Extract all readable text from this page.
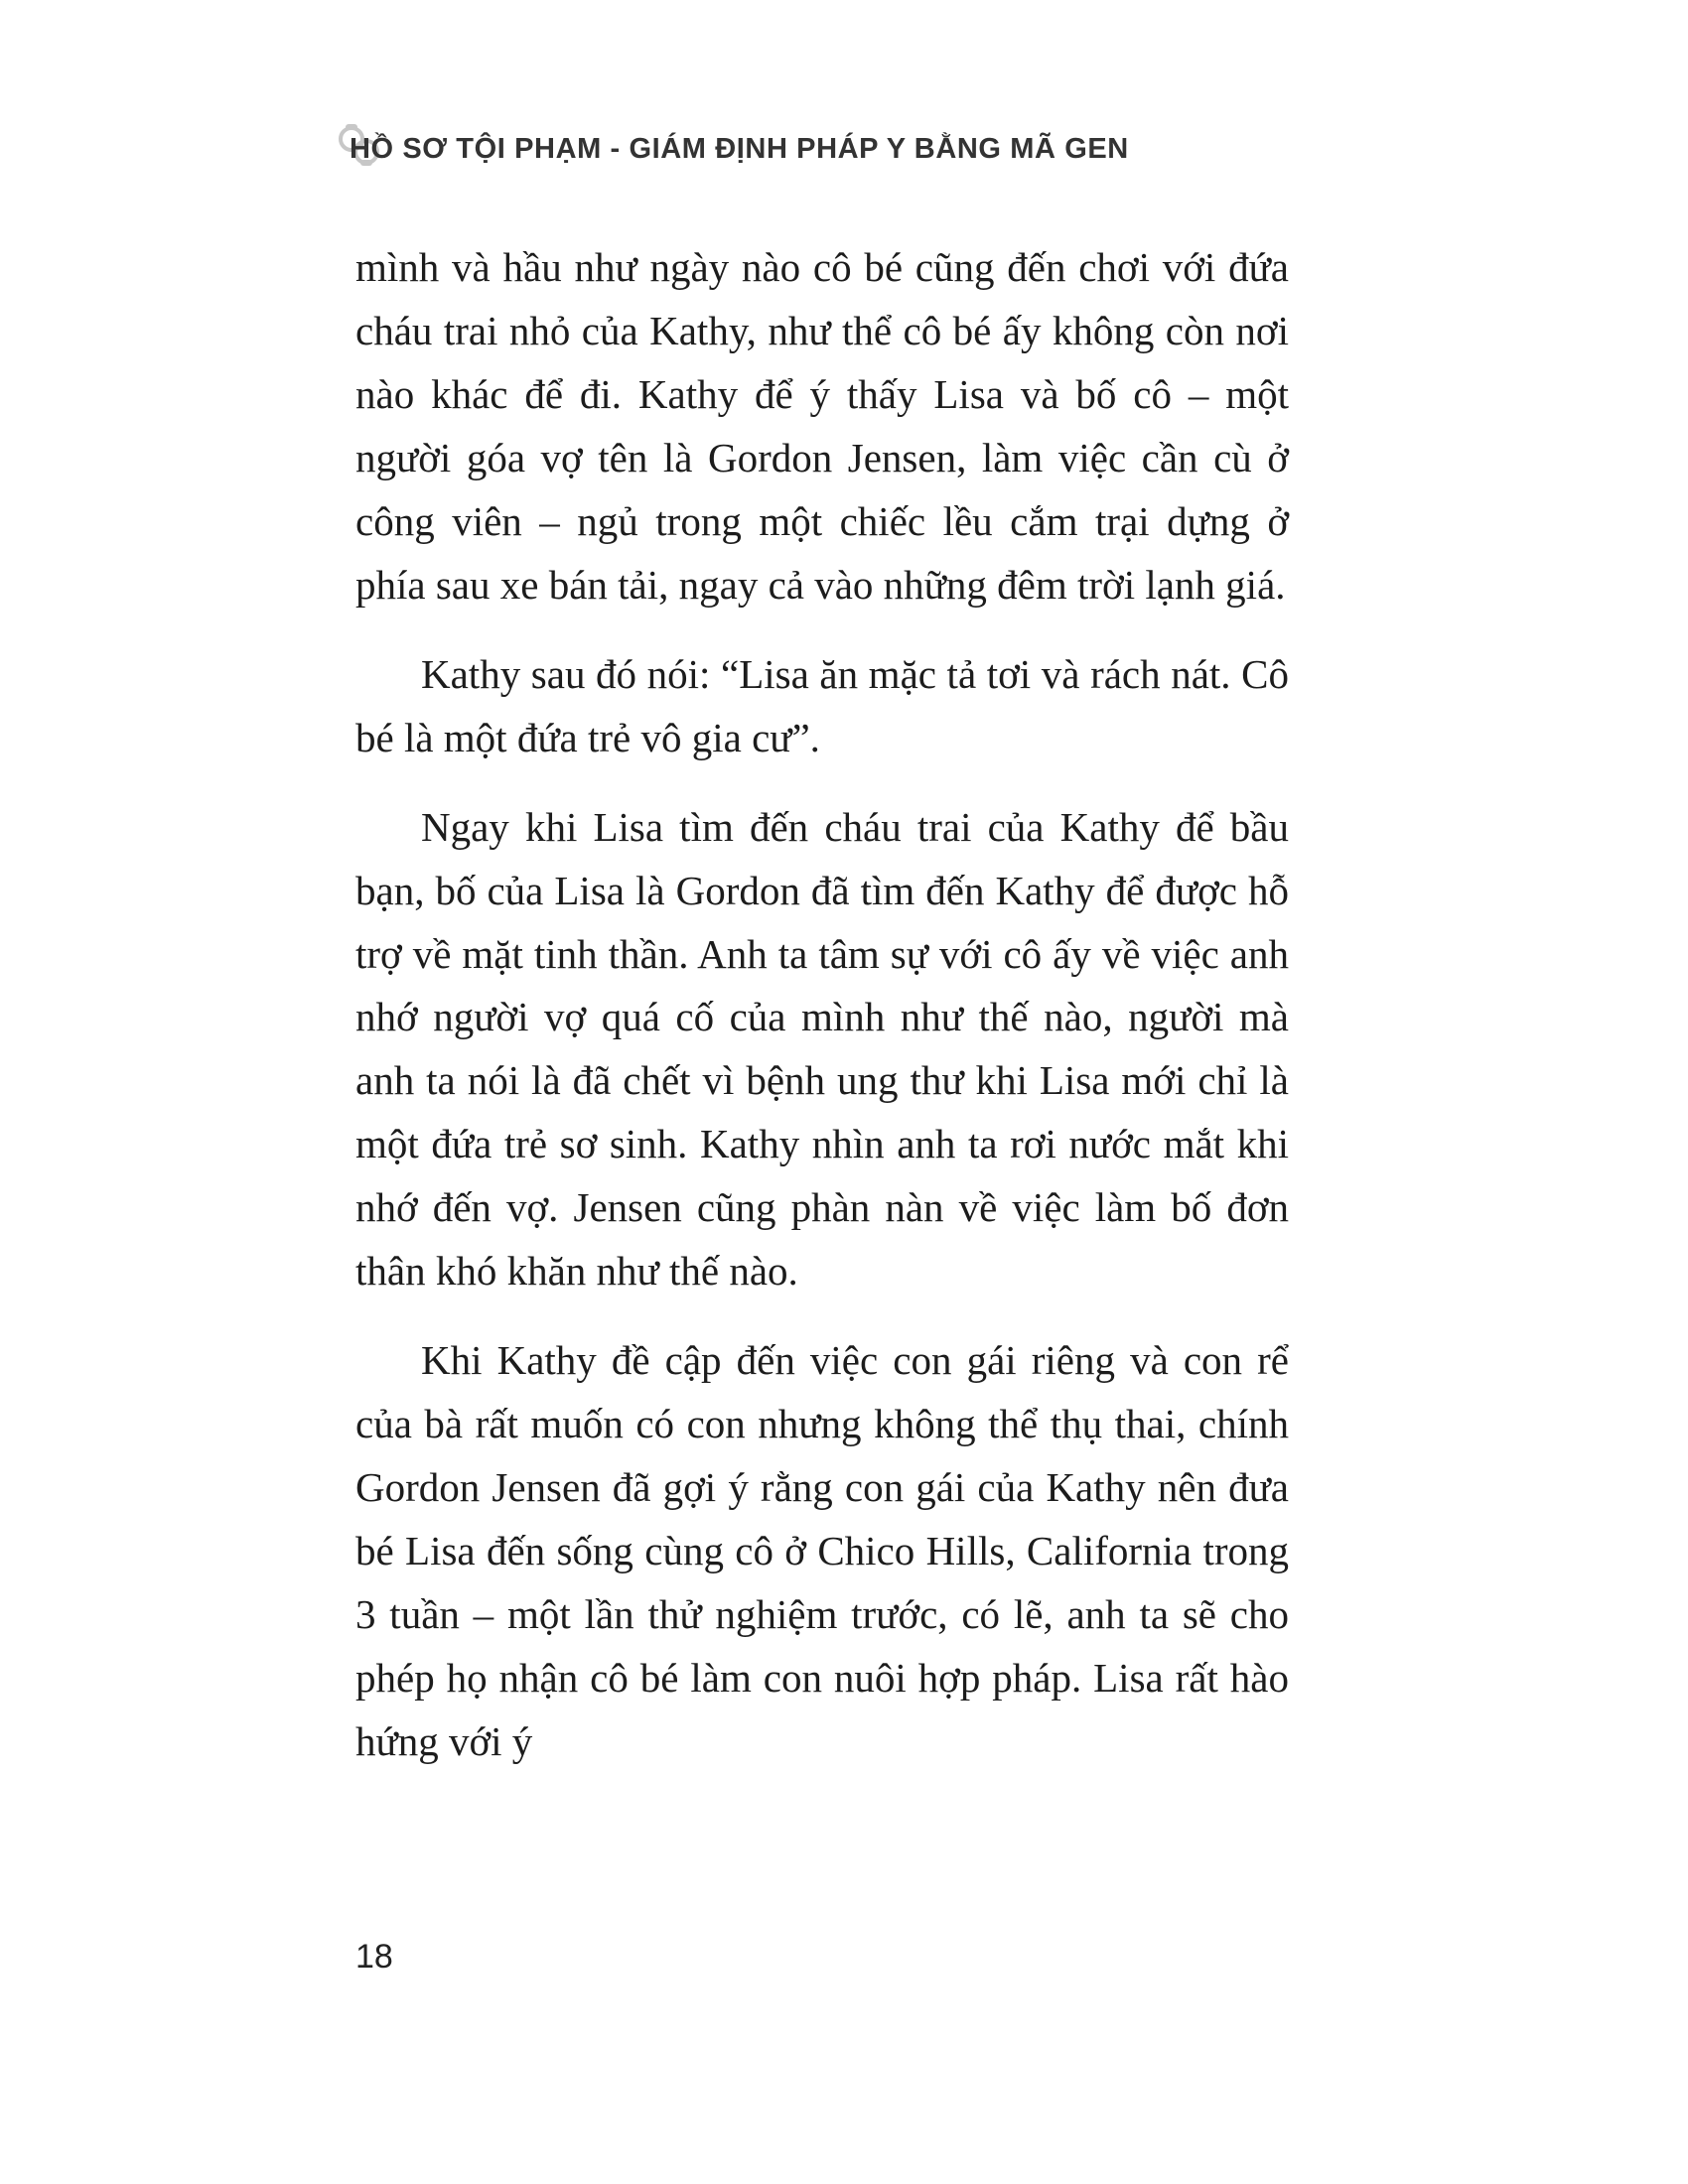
HỒ SƠ TỘI PHẠM - GIÁM ĐỊNH PHÁP Y BẰNG MÃ GEN

mình và hầu như ngày nào cô bé cũng đến chơi với đứa cháu trai nhỏ của Kathy, như thể cô bé ấy không còn nơi nào khác để đi. Kathy để ý thấy Lisa và bố cô – một người góa vợ tên là Gordon Jensen, làm việc cần cù ở công viên – ngủ trong một chiếc lều cắm trại dựng ở phía sau xe bán tải, ngay cả vào những đêm trời lạnh giá.

Kathy sau đó nói: “Lisa ăn mặc tả tơi và rách nát. Cô bé là một đứa trẻ vô gia cư”.

Ngay khi Lisa tìm đến cháu trai của Kathy để bầu bạn, bố của Lisa là Gordon đã tìm đến Kathy để được hỗ trợ về mặt tinh thần. Anh ta tâm sự với cô ấy về việc anh nhớ người vợ quá cố của mình như thế nào, người mà anh ta nói là đã chết vì bệnh ung thư khi Lisa mới chỉ là một đứa trẻ sơ sinh. Kathy nhìn anh ta rơi nước mắt khi nhớ đến vợ. Jensen cũng phàn nàn về việc làm bố đơn thân khó khăn như thế nào.

Khi Kathy đề cập đến việc con gái riêng và con rể của bà rất muốn có con nhưng không thể thụ thai, chính Gordon Jensen đã gợi ý rằng con gái của Kathy nên đưa bé Lisa đến sống cùng cô ở Chico Hills, California trong 3 tuần – một lần thử nghiệm trước, có lẽ, anh ta sẽ cho phép họ nhận cô bé làm con nuôi hợp pháp. Lisa rất hào hứng với ý

18
